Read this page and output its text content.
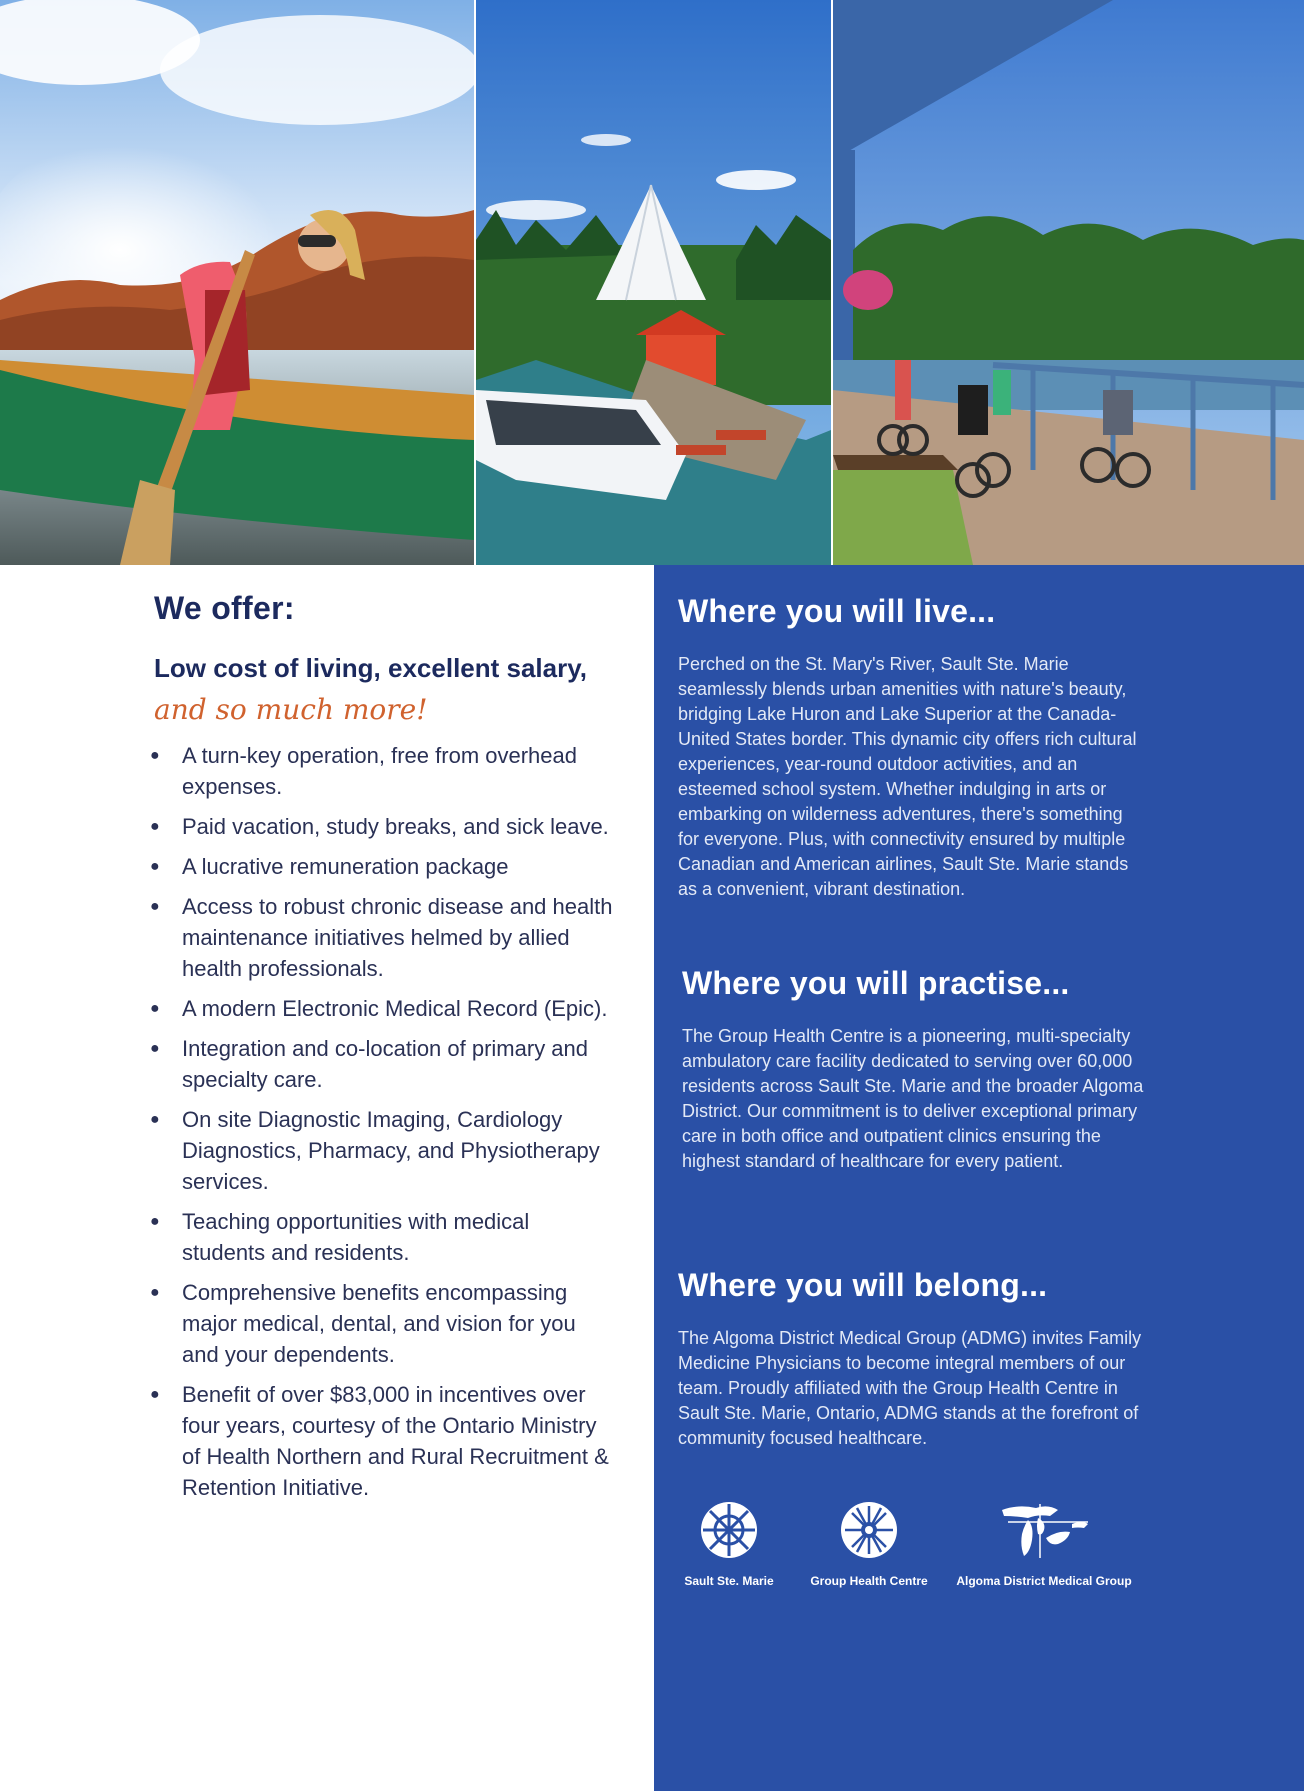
We offer:

Low cost of living, excellent salary, and so much more!

● A turn-key operation, free from overhead expenses.
● Paid vacation, study breaks, and sick leave.
● A lucrative remuneration package
● Access to robust chronic disease and health maintenance initiatives helmed by allied health professionals.
● A modern Electronic Medical Record (Epic).
● Integration and co-location of primary and specialty care.
● On site Diagnostic Imaging, Cardiology Diagnostics, Pharmacy, and Physiotherapy services.
● Teaching opportunities with medical students and residents.
● Comprehensive benefits encompassing major medical, dental, and vision for you and your dependents.
● Benefit of over $83,000 in incentives over four years, courtesy of the Ontario Ministry of Health Northern and Rural Recruitment & Retention Initiative.
Where you will live...

Perched on the St. Mary's River, Sault Ste. Marie seamlessly blends urban amenities with nature's beauty, bridging Lake Huron and Lake Superior at the Canada-United States border. This dynamic city offers rich cultural experiences, year-round outdoor activities, and an esteemed school system. Whether indulging in arts or embarking on wilderness adventures, there's something for everyone. Plus, with connectivity ensured by multiple Canadian and American airlines, Sault Ste. Marie stands as a convenient, vibrant destination.

Where you will practise...

The Group Health Centre is a pioneering, multi-specialty ambulatory care facility dedicated to serving over 60,000 residents across Sault Ste. Marie and the broader Algoma District. Our commitment is to deliver exceptional primary care in both office and outpatient clinics ensuring the highest standard of healthcare for every patient.

Where you will belong...

The Algoma District Medical Group (ADMG) invites Family Medicine Physicians to become integral members of our team. Proudly affiliated with the Group Health Centre in Sault Ste. Marie, Ontario, ADMG stands at the forefront of community focused healthcare.

Sault Ste. Marie	Group Health Centre	Algoma District Medical Group
